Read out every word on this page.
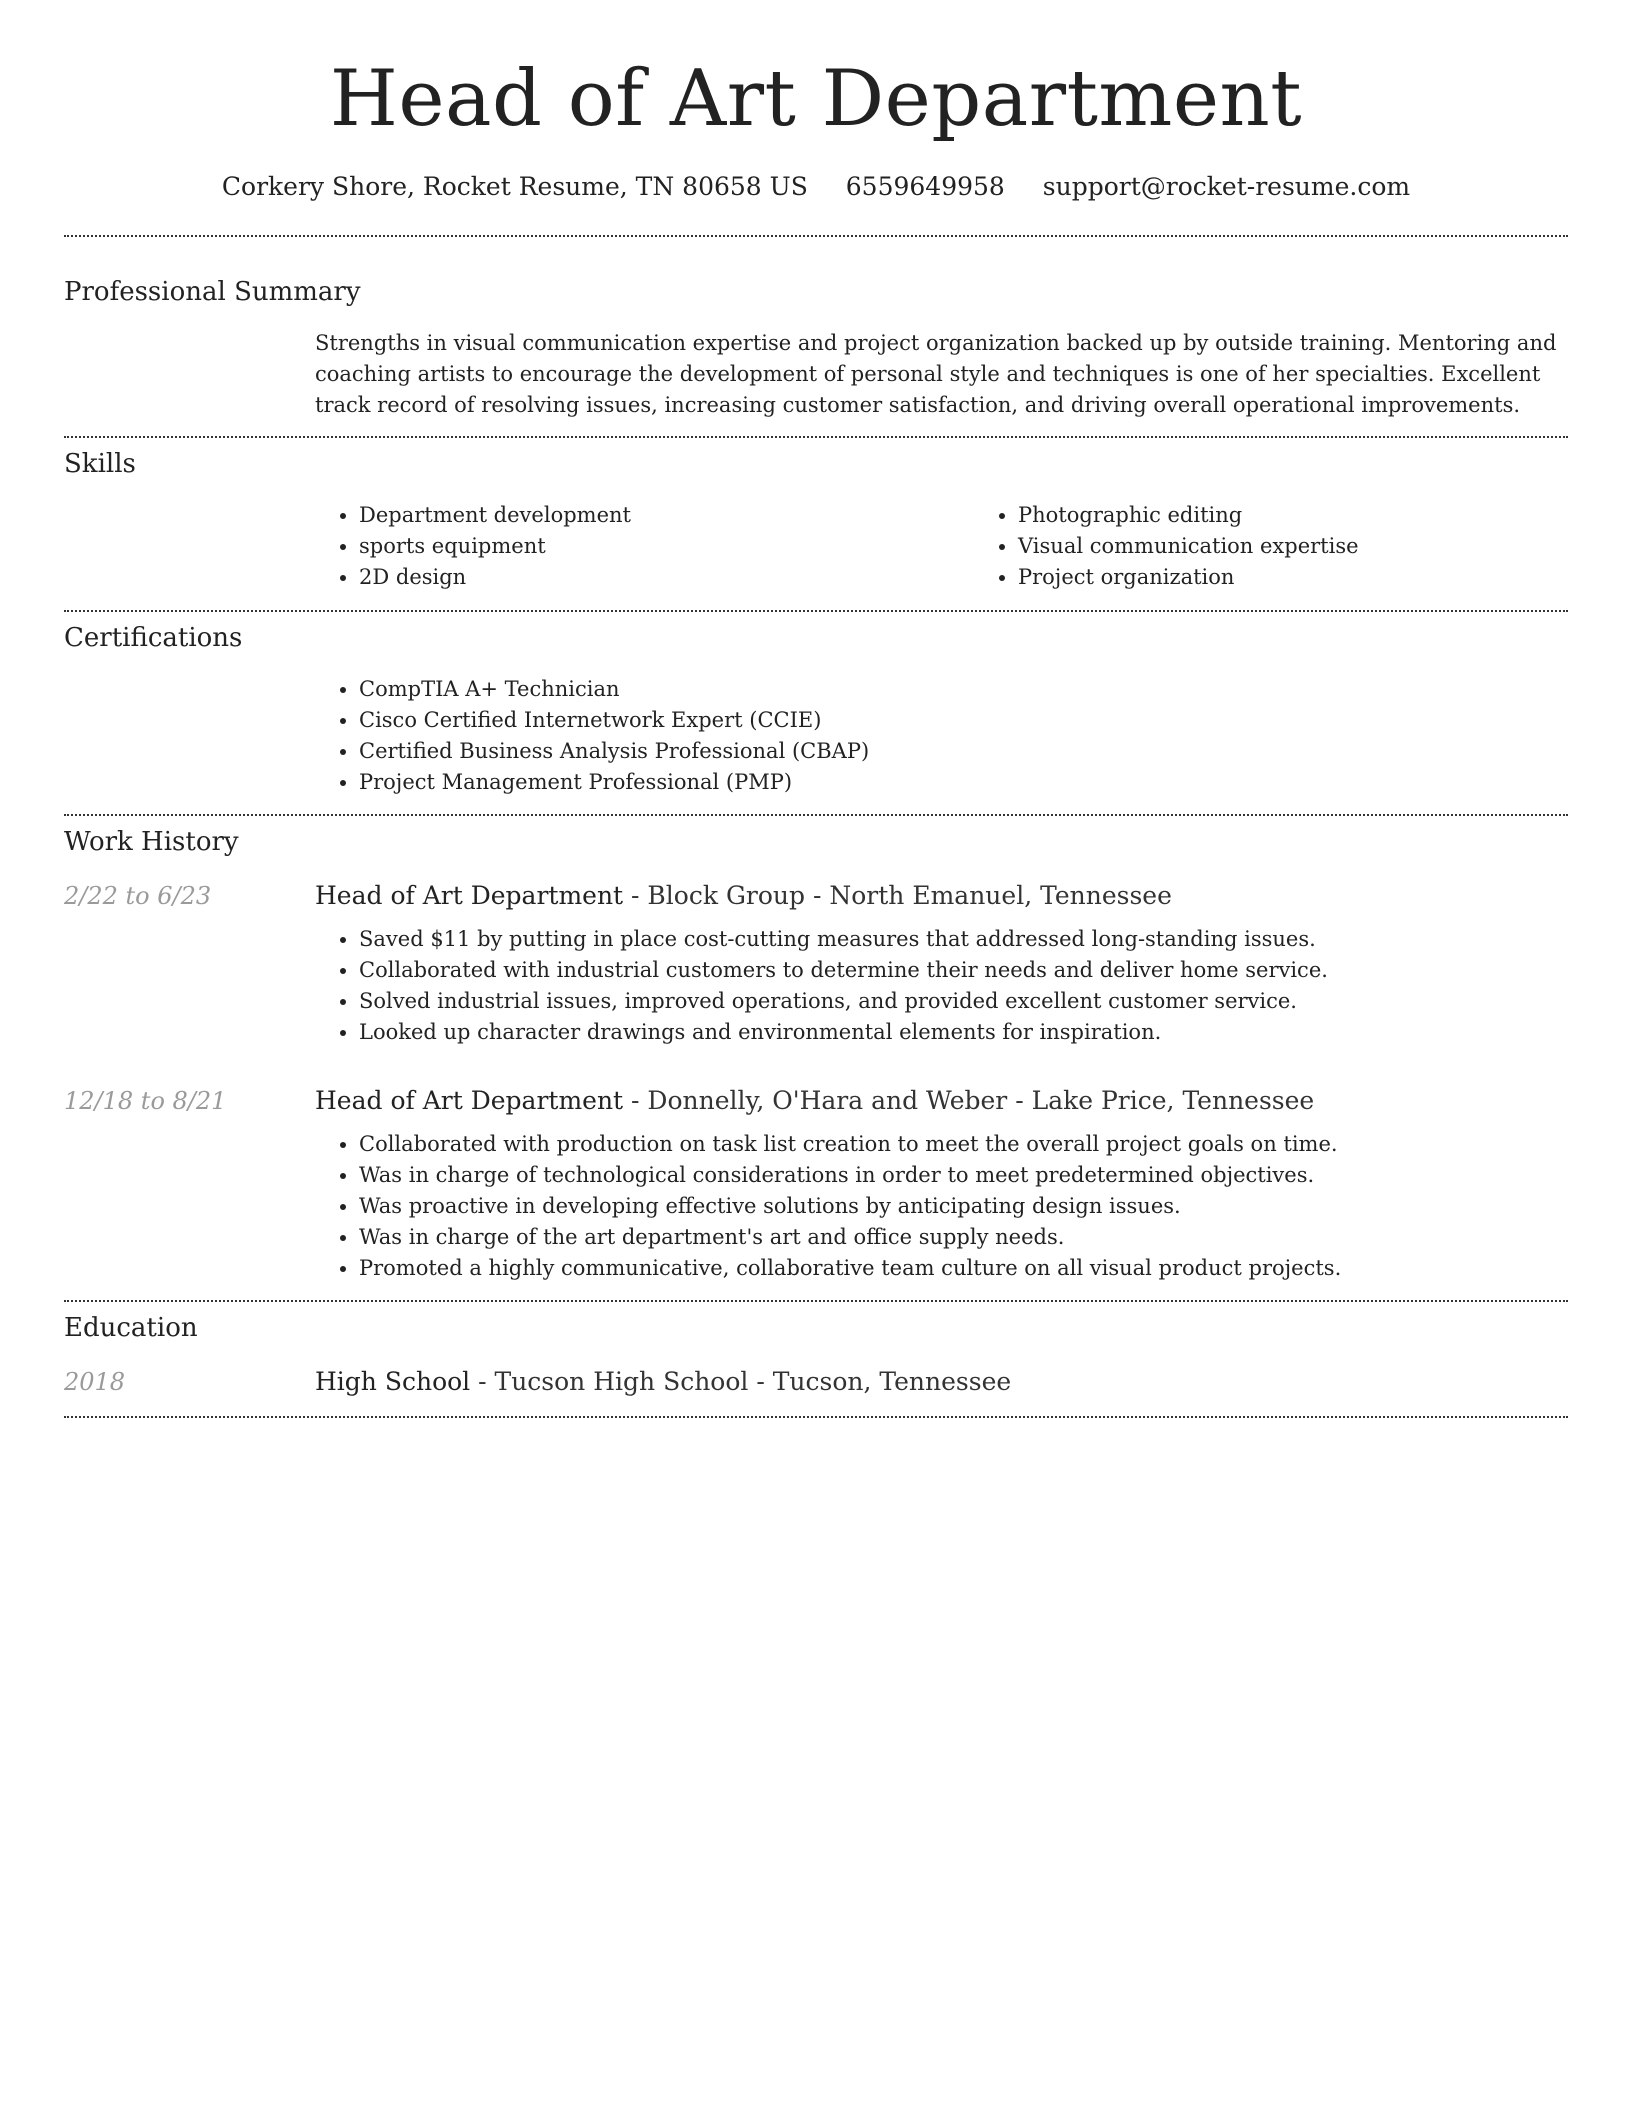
Head of Art Department
Corkery Shore, Rocket Resume, TN 80658 US 6559649958 support@rocket-resume.com
Professional Summary
Strengths in visual communication expertise and project organization backed up by outside training. Mentoring and coaching artists to encourage the development of personal style and techniques is one of her specialties. Excellent track record of resolving issues, increasing customer satisfaction, and driving overall operational improvements.
Skills
• Department development
• sports equipment
• 2D design
• Photographic editing
• Visual communication expertise
• Project organization
Certifications
• CompTIA A+ Technician
• Cisco Certified Internetwork Expert (CCIE)
• Certified Business Analysis Professional (CBAP)
• Project Management Professional (PMP)
Work History
2/22 to 6/23	Head of Art Department - Block Group - North Emanuel, Tennessee
• Saved $11 by putting in place cost-cutting measures that addressed long-standing issues.
• Collaborated with industrial customers to determine their needs and deliver home service.
• Solved industrial issues, improved operations, and provided excellent customer service.
• Looked up character drawings and environmental elements for inspiration.
12/18 to 8/21	Head of Art Department - Donnelly, O'Hara and Weber - Lake Price, Tennessee
• Collaborated with production on task list creation to meet the overall project goals on time.
• Was in charge of technological considerations in order to meet predetermined objectives.
• Was proactive in developing effective solutions by anticipating design issues.
• Was in charge of the art department's art and office supply needs.
• Promoted a highly communicative, collaborative team culture on all visual product projects.
Education
2018	High School - Tucson High School - Tucson, Tennessee
